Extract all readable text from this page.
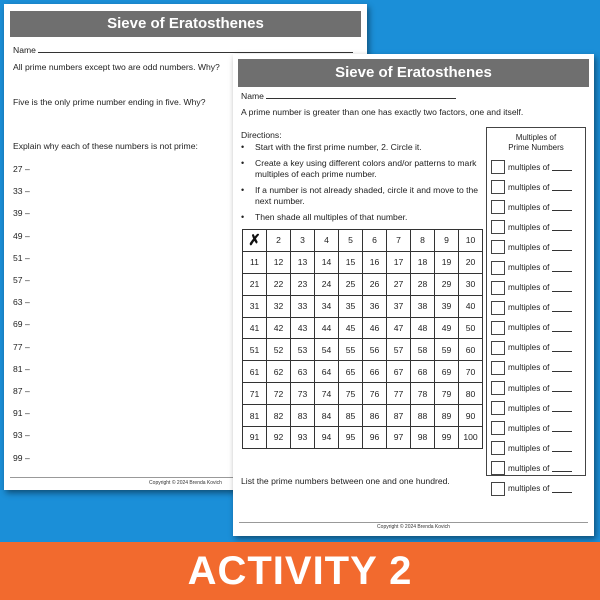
Sieve of Eratosthenes
Name
All prime numbers except two are odd numbers. Why?
Five is the only prime number ending in five. Why?
Explain why each of these numbers is not prime:
27 –
33 –
39 –
49 –
51 –
57 –
63 –
69 –
77 –
81 –
87 –
91 –
93 –
99 –
Copyright © 2024 Brenda Kovich
Sieve of Eratosthenes
Name
A prime number is greater than one has exactly two factors, one and itself.
Directions:
•	Start with the first prime number, 2. Circle it.
•	Create a key using different colors and/or patterns to mark multiples of each prime number.
•	If a number is not already shaded, circle it and move to the next number.
•	Then shade all multiples of that number.
✗	2	3	4	5	6	7	8	9	10
11	12	13	14	15	16	17	18	19	20
21	22	23	24	25	26	27	28	29	30
31	32	33	34	35	36	37	38	39	40
41	42	43	44	45	46	47	48	49	50
51	52	53	54	55	56	57	58	59	60
61	62	63	64	65	66	67	68	69	70
71	72	73	74	75	76	77	78	79	80
81	82	83	84	85	86	87	88	89	90
91	92	93	94	95	96	97	98	99	100
Multiples of
Prime Numbers
multiples of
multiples of
multiples of
multiples of
multiples of
multiples of
multiples of
multiples of
multiples of
multiples of
multiples of
multiples of
multiples of
multiples of
multiples of
multiples of
multiples of
List the prime numbers between one and one hundred.
Copyright © 2024 Brenda Kovich
ACTIVITY 2
